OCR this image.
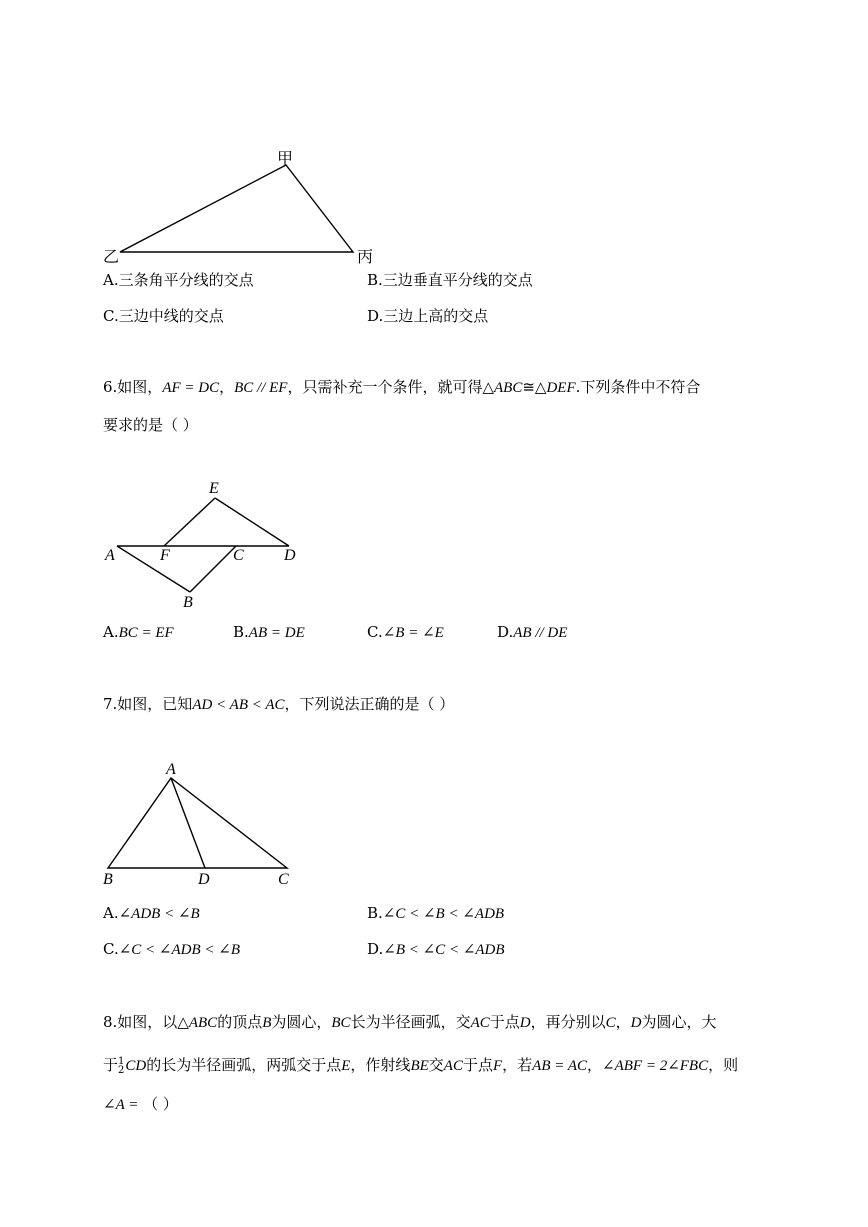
甲
乙	丙
A.三条角平分线的交点	B.三边垂直平分线的交点
C.三边中线的交点	D.三边上高的交点
6.如图，AF = DC，BC // EF，只需补充一个条件，就可得△ABC≅△DEF.下列条件中不符合
要求的是（ ）
E
A	F	C	D
B
A.BC = EF	B.AB = DE	C.∠B = ∠E	D.AB // DE
7.如图，已知AD < AB < AC，下列说法正确的是（ ）
A
B	D	C
A.∠ADB < ∠B	B.∠C < ∠B < ∠ADB
C.∠C < ∠ADB < ∠B	D.∠B < ∠C < ∠ADB
8.如图，以△ABC的顶点B为圆心，BC长为半径画弧，交AC于点D，再分别以C，D为圆心，大
于 1
2 CD的长为半径画弧，两弧交于点E，作射线BE交AC于点F，若AB = AC，∠ABF = 2∠FBC，则
∠A = （ ）
